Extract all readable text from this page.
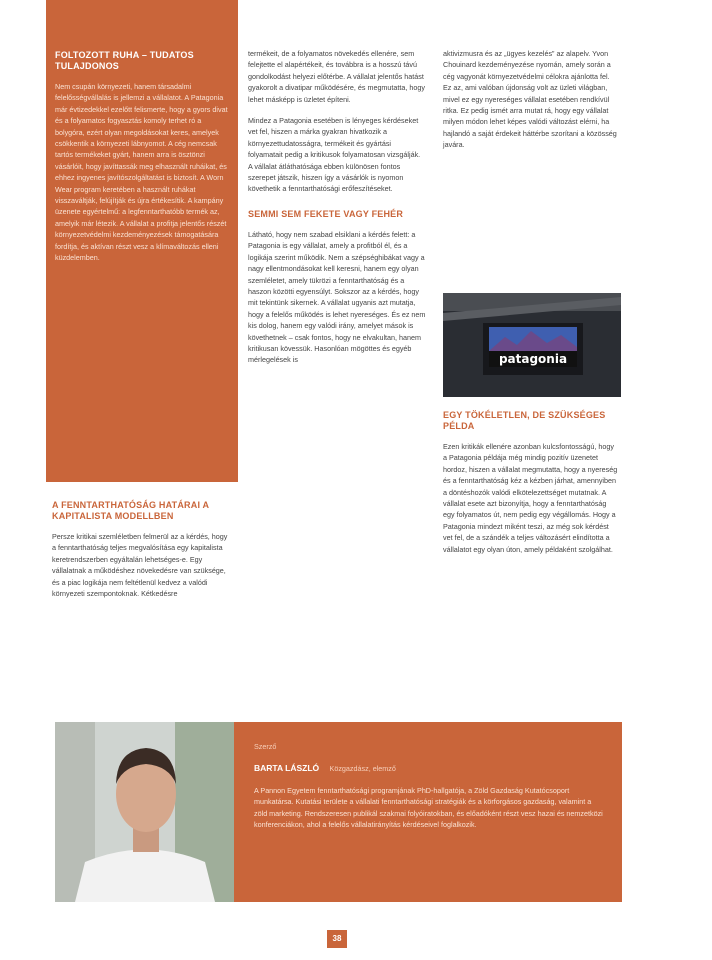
FOLTOZOTT RUHA – TUDATOS TULAJDONOS

Nem csupán környezeti, hanem társadalmi felelősségvállalás is jellemzi a vállalatot. A Patagonia már évtizedekkel ezelőtt felismerte, hogy a gyors divat és a folyamatos fogyasztás komoly terhet ró a bolygóra, ezért olyan megoldásokat keres, amelyek csökkentik a környezeti lábnyomot. A cég nemcsak tartós termékeket gyárt, hanem arra is ösztönzi vásárlóit, hogy javíttassák meg elhasznált ruháikat, és ehhez ingyenes javítószolgáltatást is biztosít. A Worn Wear program keretében a használt ruhákat visszaváltják, felújítják és újra értékesítik. A kampány üzenete egyértelmű: a legfenntarthatóbb termék az, amelyik már létezik. A vállalat a profitja jelentős részét környezetvédelmi kezdeményezések támogatására fordítja, és aktívan részt vesz a klímaváltozás elleni küzdelemben.

A FENNTARTHATÓSÁG HATÁRAI A KAPITALISTA MODELLBEN

Persze kritikai szemléletben felmerül az a kérdés, hogy a fenntarthatóság teljes megvalósítása egy kapitalista keretrendszerben egyáltalán lehetséges-e. Egy vállalatnak a működéshez növekedésre van szüksége, és a piac logikája nem feltétlenül kedvez a valódi környezeti szempontoknak. Kétkedésre

termékeit, de a folyamatos növekedés ellenére, sem felejtette el alapértékeit, és továbbra is a hosszú távú gondolkodást helyezi előtérbe. A vállalat jelentős hatást gyakorolt a divatipar működésére, és megmutatta, hogy lehet másképp is üzletet építeni.

Mindez a Patagonia esetében is lényeges kérdéseket vet fel, hiszen a márka gyakran hivatkozik a környezettudatosságra, termékeit és gyártási folyamatait pedig a kritikusok folyamatosan vizsgálják. A vállalat átláthatósága ebben különösen fontos szerepet játszik, hiszen így a vásárlók is nyomon követhetik a fenntarthatósági erőfeszítéseket.

SEMMI SEM FEKETE VAGY FEHÉR

Látható, hogy nem szabad elsiklani a kérdés felett: a Patagonia is egy vállalat, amely a profitból él, és a logikája szerint működik. Nem a szépséghibákat vagy a nagy ellentmondásokat kell keresni, hanem egy olyan szemléletet, amely tükrözi a fenntarthatóság és a haszon közötti egyensúlyt. Sokszor az a kérdés, hogy mit tekintünk sikernek. A vállalat ugyanis azt mutatja, hogy a felelős működés is lehet nyereséges. És ez nem kis dolog, hanem egy valódi irány, amelyet mások is követhetnek – csak fontos, hogy ne elvakultan, hanem kritikusan kövessük. Hasonlóan mögöttes és egyéb mérlegelések is

aktivizmusra és az „ügyes kezelés” az alapelv. Yvon Chouinard kezdeményezése nyomán, amely során a cég vagyonát környezetvédelmi célokra ajánlotta fel. Ez az, ami valóban újdonság volt az üzleti világban, mivel ez egy nyereséges vállalat esetében rendkívül ritka. Ez pedig ismét arra mutat rá, hogy egy vállalat milyen módon lehet képes valódi változást elérni, ha hajlandó a saját érdekeit háttérbe szorítani a közösség javára.

patagonia
EGY TÖKÉLETLEN, DE SZÜKSÉGES PÉLDA

Ezen kritikák ellenére azonban kulcsfontosságú, hogy a Patagonia példája még mindig pozitív üzenetet hordoz, hiszen a vállalat megmutatta, hogy a nyereség és a fenntarthatóság kéz a kézben járhat, amennyiben a döntéshozók valódi elkötelezettséget mutatnak. A vállalat esete azt bizonyítja, hogy a fenntarthatóság egy folyamatos út, nem pedig egy végállomás. Hogy a Patagonia mindezt miként teszi, az még sok kérdést vet fel, de a szándék a teljes változásért elindította a vállalatot egy olyan úton, amely példaként szolgálhat.

Szerző
BARTA LÁSZLÓ Közgazdász, elemző

A Pannon Egyetem fenntarthatósági programjának PhD-hallgatója, a Zöld Gazdaság Kutatócsoport munkatársa. Kutatási területe a vállalati fenntarthatósági stratégiák és a körforgásos gazdaság, valamint a zöld marketing. Rendszeresen publikál szakmai folyóiratokban, és előadóként részt vesz hazai és nemzetközi konferenciákon, ahol a felelős vállalatirányítás kérdéseivel foglalkozik.

38
